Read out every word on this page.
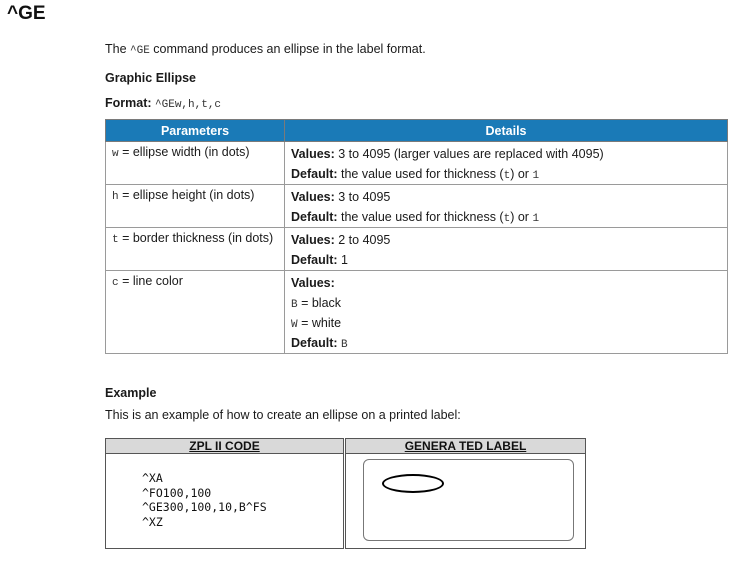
^GE
The ^GE command produces an ellipse in the label format.
Graphic Ellipse
Format: ^GEw,h,t,c
Parameters	Details
w = ellipse width (in dots)	Values: 3 to 4095 (larger values are replaced with 4095)
Default: the value used for thickness (t) or 1

h = ellipse height (in dots)	Values: 3 to 4095
Default: the value used for thickness (t) or 1

t = border thickness (in dots)	Values: 2 to 4095
Default: 1

c = line color	Values:
B = black
W = white
Default: B
Example
This is an example of how to create an ellipse on a printed label:
ZPL II CODE
^XA
^FO100,100
^GE300,100,10,B^FS
^XZ
GENERA TED LABEL
